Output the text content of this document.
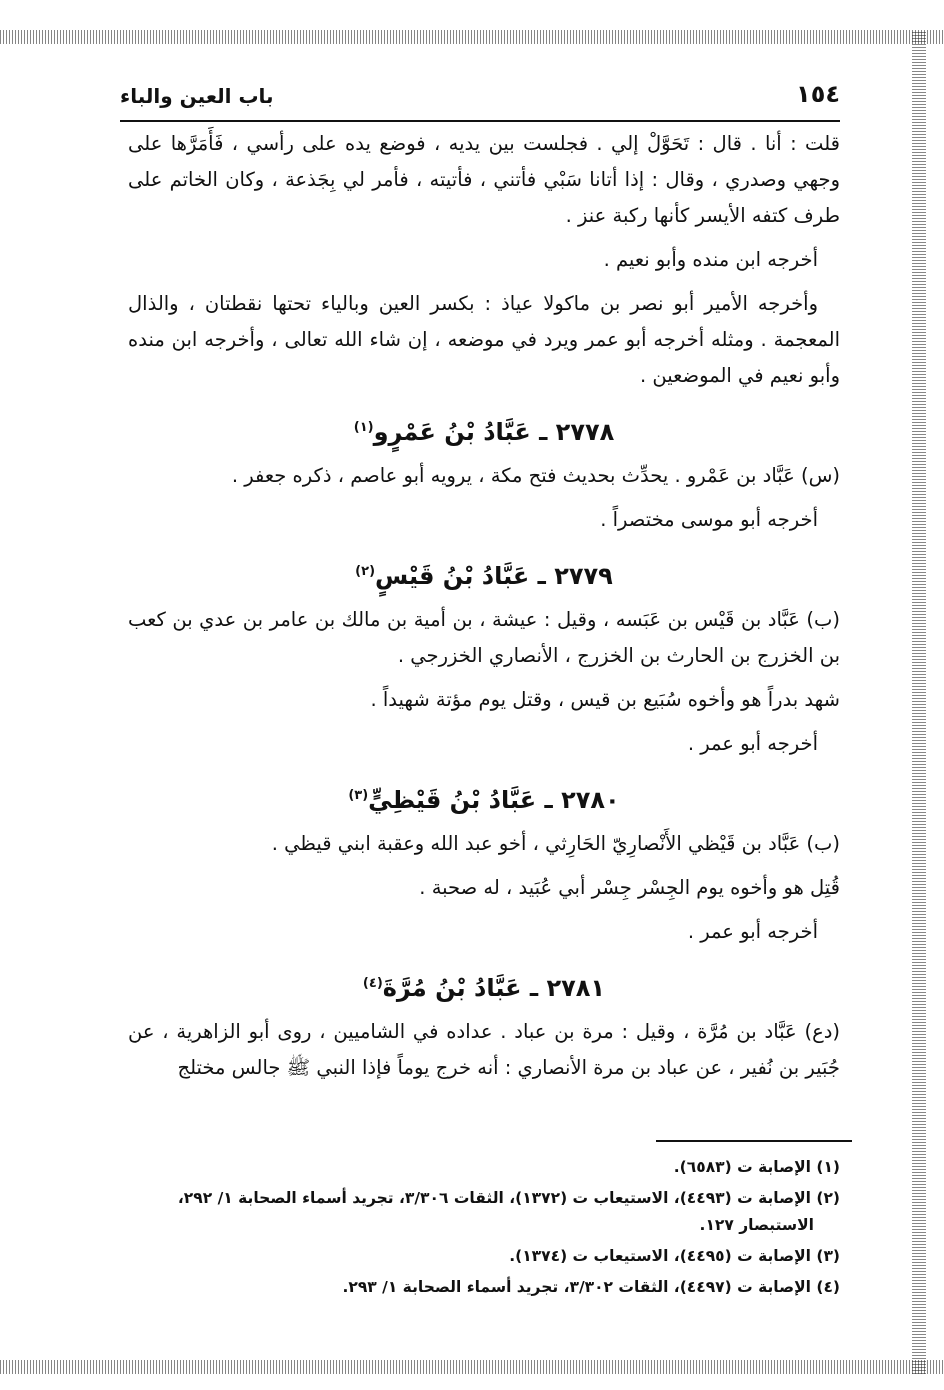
١٥٤
باب العين والباء

قلت : أنا . قال : تَحَوَّلْ إلي . فجلست بين يديه ، فوضع يده على رأسي ، فَأَمَرَّها على وجهي وصدري ، وقال : إذا أتانا سَبْي فأتني ، فأتيته ، فأمر لي بِجَذعة ، وكان الخاتم على طرف كتفه الأيسر كأنها ركبة عنز .

أخرجه ابن منده وأبو نعيم .

وأخرجه الأمير أبو نصر بن ماكولا عياذ : بكسر العين وبالياء تحتها نقطتان ، والذال المعجمة . ومثله أخرجه أبو عمر ويرد في موضعه ، إن شاء الله تعالى ، وأخرجه ابن منده وأبو نعيم في الموضعين .

٢٧٧٨ ـ عَبَّادُ بْنُ عَمْرٍو$^{(١)}$

(س) عَبَّاد بن عَمْرو . يحدِّث بحديث فتح مكة ، يرويه أبو عاصم ، ذكره جعفر .

أخرجه أبو موسى مختصراً .

٢٧٧٩ ـ عَبَّادُ بْنُ قَيْسٍ$^{(٢)}$

(ب) عَبَّاد بن قَيْس بن عَبَسه ، وقيل : عيشة ، بن أمية بن مالك بن عامر بن عدي بن كعب بن الخزرج بن الحارث بن الخزرج ، الأنصاري الخزرجي .

شهد بدراً هو وأخوه سُبَيع بن قيس ، وقتل يوم مؤتة شهيداً .

أخرجه أبو عمر .

٢٧٨٠ ـ عَبَّادُ بْنُ قَيْظِيٍّ$^{(٣)}$

(ب) عَبَّاد بن قَيْظي الأَنْصارِيّ الحَارِثي ، أخو عبد الله وعقبة ابني قيظي .

قُتِل هو وأخوه يوم الجِسْر جِسْر أبي عُبَيد ، له صحبة .

أخرجه أبو عمر .

٢٧٨١ ـ عَبَّادُ بْنُ مُرَّةَ$^{(٤)}$

(دع) عَبَّاد بن مُرَّة ، وقيل : مرة بن عباد . عداده في الشاميين ، روى أبو الزاهرية ، عن جُبَير بن نُفير ، عن عباد بن مرة الأنصاري : أنه خرج يوماً فإذا النبي ﷺ جالس مختلج

(١) الإصابة ت (٦٥٨٣).

(٢) الإصابة ت (٤٤٩٣)، الاستيعاب ت (١٣٧٢)، الثقات ٣/٣٠٦، تجريد أسماء الصحابة ١/ ٢٩٢،
الاستبصار ١٢٧.

(٣) الإصابة ت (٤٤٩٥)، الاستيعاب ت (١٣٧٤).

(٤) الإصابة ت (٤٤٩٧)، الثقات ٣/٣٠٢، تجريد أسماء الصحابة ١/ ٢٩٣.
